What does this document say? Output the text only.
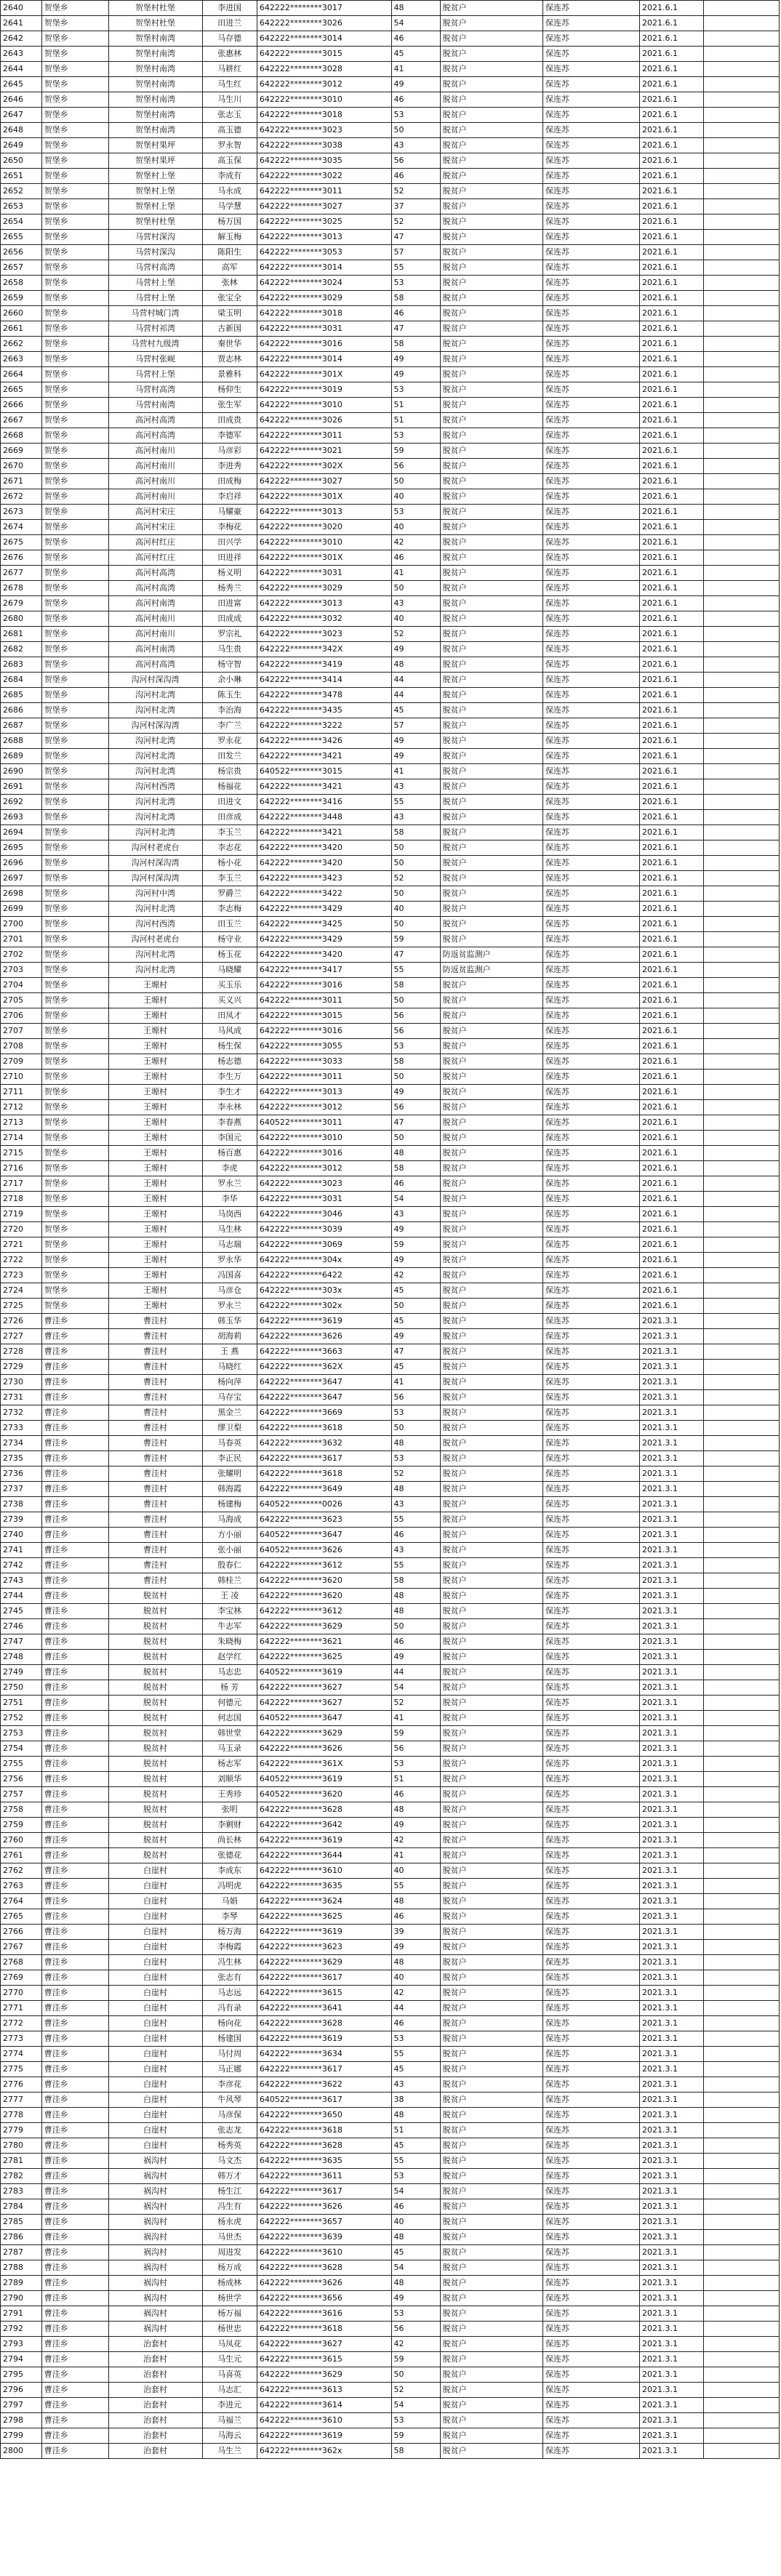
2640	贺堡乡	贺堡村杜堡	李进国	642222********3017	48	脱贫户	保连苏	2021.6.1	
2641	贺堡乡	贺堡村杜堡	田进兰	642222********3026	54	脱贫户	保连苏	2021.6.1	
2642	贺堡乡	贺堡村南湾	马存德	642222********3014	46	脱贫户	保连苏	2021.6.1	
2643	贺堡乡	贺堡村南湾	张惠林	642222********3015	45	脱贫户	保连苏	2021.6.1	
2644	贺堡乡	贺堡村南湾	马耕红	642222********3028	41	脱贫户	保连苏	2021.6.1	
2645	贺堡乡	贺堡村南湾	马生红	642222********3012	49	脱贫户	保连苏	2021.6.1	
2646	贺堡乡	贺堡村南湾	马生川	642222********3010	46	脱贫户	保连苏	2021.6.1	
2647	贺堡乡	贺堡村南湾	张志玉	642222********3018	53	脱贫户	保连苏	2021.6.1	
2648	贺堡乡	贺堡村南湾	高玉德	642222********3023	50	脱贫户	保连苏	2021.6.1	
2649	贺堡乡	贺堡村果坪	罗永智	642222********3038	43	脱贫户	保连苏	2021.6.1	
2650	贺堡乡	贺堡村果坪	高玉保	642222********3035	56	脱贫户	保连苏	2021.6.1	
2651	贺堡乡	贺堡村上堡	李成有	642222********3022	46	脱贫户	保连苏	2021.6.1	
2652	贺堡乡	贺堡村上堡	马永成	642222********3011	52	脱贫户	保连苏	2021.6.1	
2653	贺堡乡	贺堡村上堡	马学慧	642222********3027	37	脱贫户	保连苏	2021.6.1	
2654	贺堡乡	贺堡村杜堡	杨万国	642222********3025	52	脱贫户	保连苏	2021.6.1	
2655	贺堡乡	马营村深沟	解玉梅	642222********3013	47	脱贫户	保连苏	2021.6.1	
2656	贺堡乡	马营村深沟	陈阳生	642222********3053	57	脱贫户	保连苏	2021.6.1	
2657	贺堡乡	马营村高湾	高军	642222********3014	55	脱贫户	保连苏	2021.6.1	
2658	贺堡乡	马营村上堡	张林	642222********3024	53	脱贫户	保连苏	2021.6.1	
2659	贺堡乡	马营村上堡	张宝全	642222********3029	58	脱贫户	保连苏	2021.6.1	
2660	贺堡乡	马营村城门湾	梁玉明	642222********3018	46	脱贫户	保连苏	2021.6.1	
2661	贺堡乡	马营村祁湾	古新国	642222********3031	47	脱贫户	保连苏	2021.6.1	
2662	贺堡乡	马营村九级湾	秦世华	642222********3016	58	脱贫户	保连苏	2021.6.1	
2663	贺堡乡	马营村张岘	贾志林	642222********3014	49	脱贫户	保连苏	2021.6.1	
2664	贺堡乡	马营村上堡	景雅科	642222********301X	49	脱贫户	保连苏	2021.6.1	
2665	贺堡乡	马营村高湾	杨仰生	642222********3019	53	脱贫户	保连苏	2021.6.1	
2666	贺堡乡	马营村南湾	张生军	642222********3010	51	脱贫户	保连苏	2021.6.1	
2667	贺堡乡	高河村高湾	田成贵	642222********3026	51	脱贫户	保连苏	2021.6.1	
2668	贺堡乡	高河村高湾	李德军	642222********3011	53	脱贫户	保连苏	2021.6.1	
2669	贺堡乡	高河村南川	马彦彩	642222********3021	59	脱贫户	保连苏	2021.6.1	
2670	贺堡乡	高河村南川	李进秀	642222********302X	56	脱贫户	保连苏	2021.6.1	
2671	贺堡乡	高河村南川	田成梅	642222********3027	50	脱贫户	保连苏	2021.6.1	
2672	贺堡乡	高河村南川	李启祥	642222********301X	40	脱贫户	保连苏	2021.6.1	
2673	贺堡乡	高河村宋庄	马耀豪	642222********3013	53	脱贫户	保连苏	2021.6.1	
2674	贺堡乡	高河村宋庄	李梅花	642222********3020	40	脱贫户	保连苏	2021.6.1	
2675	贺堡乡	高河村红庄	田兴学	642222********3010	42	脱贫户	保连苏	2021.6.1	
2676	贺堡乡	高河村红庄	田进祥	642222********301X	46	脱贫户	保连苏	2021.6.1	
2677	贺堡乡	高河村高湾	杨义明	642222********3031	41	脱贫户	保连苏	2021.6.1	
2678	贺堡乡	高河村高湾	杨秀兰	642222********3029	50	脱贫户	保连苏	2021.6.1	
2679	贺堡乡	高河村南湾	田进富	642222********3013	43	脱贫户	保连苏	2021.6.1	
2680	贺堡乡	高河村南川	田成成	642222********3032	40	脱贫户	保连苏	2021.6.1	
2681	贺堡乡	高河村南川	罗宗礼	642222********3023	52	脱贫户	保连苏	2021.6.1	
2682	贺堡乡	高河村南湾	马生贵	642222********342X	49	脱贫户	保连苏	2021.6.1	
2683	贺堡乡	高河村高湾	杨守智	642222********3419	48	脱贫户	保连苏	2021.6.1	
2684	贺堡乡	沟河村深沟湾	余小琳	642222********3414	44	脱贫户	保连苏	2021.6.1	
2685	贺堡乡	沟河村北湾	陈玉生	642222********3478	44	脱贫户	保连苏	2021.6.1	
2686	贺堡乡	沟河村北湾	李治海	642222********3435	45	脱贫户	保连苏	2021.6.1	
2687	贺堡乡	沟河村深沟湾	李广兰	642222********3222	57	脱贫户	保连苏	2021.6.1	
2688	贺堡乡	沟河村北湾	罗永花	642222********3426	49	脱贫户	保连苏	2021.6.1	
2689	贺堡乡	沟河村北湾	田发兰	642222********3421	49	脱贫户	保连苏	2021.6.1	
2690	贺堡乡	沟河村北湾	杨宗贵	640522********3015	41	脱贫户	保连苏	2021.6.1	
2691	贺堡乡	沟河村西湾	杨福花	642222********3421	43	脱贫户	保连苏	2021.6.1	
2692	贺堡乡	沟河村北湾	田进文	642222********3416	55	脱贫户	保连苏	2021.6.1	
2693	贺堡乡	沟河村北湾	田彦成	642222********3448	43	脱贫户	保连苏	2021.6.1	
2694	贺堡乡	沟河村北湾	李玉兰	642222********3421	58	脱贫户	保连苏	2021.6.1	
2695	贺堡乡	沟河村老虎台	李志花	642222********3420	50	脱贫户	保连苏	2021.6.1	
2696	贺堡乡	沟河村深沟湾	杨小花	642222********3420	50	脱贫户	保连苏	2021.6.1	
2697	贺堡乡	沟河村深沟湾	李玉兰	642222********3423	52	脱贫户	保连苏	2021.6.1	
2698	贺堡乡	沟河村中湾	罗爵兰	642222********3422	50	脱贫户	保连苏	2021.6.1	
2699	贺堡乡	沟河村北湾	李志梅	642222********3429	40	脱贫户	保连苏	2021.6.1	
2700	贺堡乡	沟河村西湾	田玉兰	642222********3425	50	脱贫户	保连苏	2021.6.1	
2701	贺堡乡	沟河村老虎台	杨守业	642222********3429	59	脱贫户	保连苏	2021.6.1	
2702	贺堡乡	沟河村北湾	杨玉花	642222********3420	47	防返贫监测户	保连苏	2021.6.1	
2703	贺堡乡	沟河村北湾	马晓耀	642222********3417	55	防返贫监测户	保连苏	2021.6.1	
2704	贺堡乡	王塬村	买玉乐	642222********3016	58	脱贫户	保连苏	2021.6.1	
2705	贺堡乡	王塬村	买义兴	642222********3011	50	脱贫户	保连苏	2021.6.1	
2706	贺堡乡	王塬村	田凤才	642222********3015	56	脱贫户	保连苏	2021.6.1	
2707	贺堡乡	王塬村	马风成	642222********3016	56	脱贫户	保连苏	2021.6.1	
2708	贺堡乡	王塬村	杨生保	642222********3055	53	脱贫户	保连苏	2021.6.1	
2709	贺堡乡	王塬村	杨志德	642222********3033	58	脱贫户	保连苏	2021.6.1	
2710	贺堡乡	王塬村	李生万	642222********3011	50	脱贫户	保连苏	2021.6.1	
2711	贺堡乡	王塬村	李生才	642222********3013	49	脱贫户	保连苏	2021.6.1	
2712	贺堡乡	王塬村	李永林	642222********3012	56	脱贫户	保连苏	2021.6.1	
2713	贺堡乡	王塬村	李春燕	640522********3011	47	脱贫户	保连苏	2021.6.1	
2714	贺堡乡	王塬村	李国元	642222********3010	50	脱贫户	保连苏	2021.6.1	
2715	贺堡乡	王塬村	杨百惠	642222********3016	48	脱贫户	保连苏	2021.6.1	
2716	贺堡乡	王塬村	李虎	642222********3012	58	脱贫户	保连苏	2021.6.1	
2717	贺堡乡	王塬村	罗永兰	642222********3023	46	脱贫户	保连苏	2021.6.1	
2718	贺堡乡	王塬村	李华	642222********3031	54	脱贫户	保连苏	2021.6.1	
2719	贺堡乡	王塬村	马岗西	642222********3046	43	脱贫户	保连苏	2021.6.1	
2720	贺堡乡	王塬村	马生林	642222********3039	49	脱贫户	保连苏	2021.6.1	
2721	贺堡乡	王塬村	马志瑞	642222********3069	59	脱贫户	保连苏	2021.6.1	
2722	贺堡乡	王塬村	罗永华	642222********304x	49	脱贫户	保连苏	2021.6.1	
2723	贺堡乡	王塬村	冯国喜	642222********6422	42	脱贫户	保连苏	2021.6.1	
2724	贺堡乡	王塬村	马彦仓	642222********303x	45	脱贫户	保连苏	2021.6.1	
2725	贺堡乡	王塬村	罗永兰	642222********302x	50	脱贫户	保连苏	2021.6.1	
2726	曹洼乡	曹洼村	韩玉华	642222********3619	45	脱贫户	保连苏	2021.3.1	
2727	曹洼乡	曹洼村	胡海莉	642222********3626	49	脱贫户	保连苏	2021.3.1	
2728	曹洼乡	曹洼村	王 燕	642222********3663	47	脱贫户	保连苏	2021.3.1	
2729	曹洼乡	曹洼村	马晓红	642222********362X	45	脱贫户	保连苏	2021.3.1	
2730	曹洼乡	曹洼村	杨向萍	642222********3647	41	脱贫户	保连苏	2021.3.1	
2731	曹洼乡	曹洼村	马存宝	642222********3647	56	脱贫户	保连苏	2021.3.1	
2732	曹洼乡	曹洼村	黑金兰	642222********3669	53	脱贫户	保连苏	2021.3.1	
2733	曹洼乡	曹洼村	缪卫梨	642222********3618	50	脱贫户	保连苏	2021.3.1	
2734	曹洼乡	曹洼村	马春英	642222********3632	48	脱贫户	保连苏	2021.3.1	
2735	曹洼乡	曹洼村	李正民	642222********3617	53	脱贫户	保连苏	2021.3.1	
2736	曹洼乡	曹洼村	张耀明	642222********3618	52	脱贫户	保连苏	2021.3.1	
2737	曹洼乡	曹洼村	韩海霞	642222********3649	48	脱贫户	保连苏	2021.3.1	
2738	曹洼乡	曹洼村	杨建梅	640522********0026	43	脱贫户	保连苏	2021.3.1	
2739	曹洼乡	曹洼村	马海成	642222********3623	55	脱贫户	保连苏	2021.3.1	
2740	曹洼乡	曹洼村	方小丽	640522********3647	46	脱贫户	保连苏	2021.3.1	
2741	曹洼乡	曹洼村	张小丽	640522********3626	43	脱贫户	保连苏	2021.3.1	
2742	曹洼乡	曹洼村	殷春仁	642222********3612	55	脱贫户	保连苏	2021.3.1	
2743	曹洼乡	曹洼村	韩桂兰	642222********3620	58	脱贫户	保连苏	2021.3.1	
2744	曹洼乡	脱贫村	王 凌	642222********3620	48	脱贫户	保连苏	2021.3.1	
2745	曹洼乡	脱贫村	李宝林	642222********3612	48	脱贫户	保连苏	2021.3.1	
2746	曹洼乡	脱贫村	牛志军	642222********3629	50	脱贫户	保连苏	2021.3.1	
2747	曹洼乡	脱贫村	朱晓梅	642222********3621	46	脱贫户	保连苏	2021.3.1	
2748	曹洼乡	脱贫村	赵学红	642222********3625	49	脱贫户	保连苏	2021.3.1	
2749	曹洼乡	脱贫村	马志忠	640522********3619	44	脱贫户	保连苏	2021.3.1	
2750	曹洼乡	脱贫村	杨 芳	642222********3627	54	脱贫户	保连苏	2021.3.1	
2751	曹洼乡	脱贫村	何德元	642222********3627	52	脱贫户	保连苏	2021.3.1	
2752	曹洼乡	脱贫村	何志国	640522********3647	41	脱贫户	保连苏	2021.3.1	
2753	曹洼乡	脱贫村	韩世堂	642222********3629	59	脱贫户	保连苏	2021.3.1	
2754	曹洼乡	脱贫村	马玉录	642222********3626	56	脱贫户	保连苏	2021.3.1	
2755	曹洼乡	脱贫村	杨志军	642222********361X	53	脱贫户	保连苏	2021.3.1	
2756	曹洼乡	脱贫村	刘顺华	640522********3619	51	脱贫户	保连苏	2021.3.1	
2757	曹洼乡	脱贫村	王秀珍	640522********3620	46	脱贫户	保连苏	2021.3.1	
2758	曹洼乡	脱贫村	张明	642222********3628	48	脱贫户	保连苏	2021.3.1	
2759	曹洼乡	脱贫村	李剩财	642222********3642	49	脱贫户	保连苏	2021.3.1	
2760	曹洼乡	脱贫村	尚长林	642222********3619	42	脱贫户	保连苏	2021.3.1	
2761	曹洼乡	脱贫村	张德花	642222********3644	41	脱贫户	保连苏	2021.3.1	
2762	曹洼乡	白崖村	李成东	642222********3610	40	脱贫户	保连苏	2021.3.1	
2763	曹洼乡	白崖村	冯明虎	642222********3635	55	脱贫户	保连苏	2021.3.1	
2764	曹洼乡	白崖村	马娟	642222********3624	48	脱贫户	保连苏	2021.3.1	
2765	曹洼乡	白崖村	李琴	642222********3625	46	脱贫户	保连苏	2021.3.1	
2766	曹洼乡	白崖村	杨万海	642222********3619	39	脱贫户	保连苏	2021.3.1	
2767	曹洼乡	白崖村	李梅霞	642222********3623	49	脱贫户	保连苏	2021.3.1	
2768	曹洼乡	白崖村	冯生林	642222********3629	48	脱贫户	保连苏	2021.3.1	
2769	曹洼乡	白崖村	张志有	642222********3617	40	脱贫户	保连苏	2021.3.1	
2770	曹洼乡	白崖村	马志远	642222********3615	42	脱贫户	保连苏	2021.3.1	
2771	曹洼乡	白崖村	冯有录	642222********3641	44	脱贫户	保连苏	2021.3.1	
2772	曹洼乡	白崖村	杨向花	642222********3628	46	脱贫户	保连苏	2021.3.1	
2773	曹洼乡	白崖村	杨建国	642222********3619	53	脱贫户	保连苏	2021.3.1	
2774	曹洼乡	白崖村	马付周	642222********3634	55	脱贫户	保连苏	2021.3.1	
2775	曹洼乡	白崖村	马正娜	642222********3617	45	脱贫户	保连苏	2021.3.1	
2776	曹洼乡	白崖村	李彦花	642222********3622	43	脱贫户	保连苏	2021.3.1	
2777	曹洼乡	白崖村	牛风琴	640522********3617	38	脱贫户	保连苏	2021.3.1	
2778	曹洼乡	白崖村	马彦保	642222********3650	48	脱贫户	保连苏	2021.3.1	
2779	曹洼乡	白崖村	张志龙	642222********3618	51	脱贫户	保连苏	2021.3.1	
2780	曹洼乡	白崖村	杨秀英	642222********3628	45	脱贫户	保连苏	2021.3.1	
2781	曹洼乡	祸沟村	马文杰	642222********3635	55	脱贫户	保连苏	2021.3.1	
2782	曹洼乡	祸沟村	韩万才	642222********3611	53	脱贫户	保连苏	2021.3.1	
2783	曹洼乡	祸沟村	杨生江	642222********3617	54	脱贫户	保连苏	2021.3.1	
2784	曹洼乡	祸沟村	冯生有	642222********3626	46	脱贫户	保连苏	2021.3.1	
2785	曹洼乡	祸沟村	杨永虎	642222********3657	40	脱贫户	保连苏	2021.3.1	
2786	曹洼乡	祸沟村	马世杰	642222********3639	48	脱贫户	保连苏	2021.3.1	
2787	曹洼乡	祸沟村	周进发	642222********3610	45	脱贫户	保连苏	2021.3.1	
2788	曹洼乡	祸沟村	杨万成	642222********3628	54	脱贫户	保连苏	2021.3.1	
2789	曹洼乡	祸沟村	杨成林	642222********3626	48	脱贫户	保连苏	2021.3.1	
2790	曹洼乡	祸沟村	杨世学	642222********3656	49	脱贫户	保连苏	2021.3.1	
2791	曹洼乡	祸沟村	杨万福	642222********3616	53	脱贫户	保连苏	2021.3.1	
2792	曹洼乡	祸沟村	杨世忠	642222********3618	56	脱贫户	保连苏	2021.3.1	
2793	曹洼乡	治套村	马凤花	642222********3627	42	脱贫户	保连苏	2021.3.1	
2794	曹洼乡	治套村	马生元	642222********3615	59	脱贫户	保连苏	2021.3.1	
2795	曹洼乡	治套村	马喜英	642222********3629	50	脱贫户	保连苏	2021.3.1	
2796	曹洼乡	治套村	马志汇	642222********3613	52	脱贫户	保连苏	2021.3.1	
2797	曹洼乡	治套村	李进元	642222********3614	54	脱贫户	保连苏	2021.3.1	
2798	曹洼乡	治套村	马福兰	642222********3610	53	脱贫户	保连苏	2021.3.1	
2799	曹洼乡	治套村	马海云	642222********3619	59	脱贫户	保连苏	2021.3.1	
2800	曹洼乡	治套村	马生兰	642222********362x	58	脱贫户	保连苏	2021.3.1	
